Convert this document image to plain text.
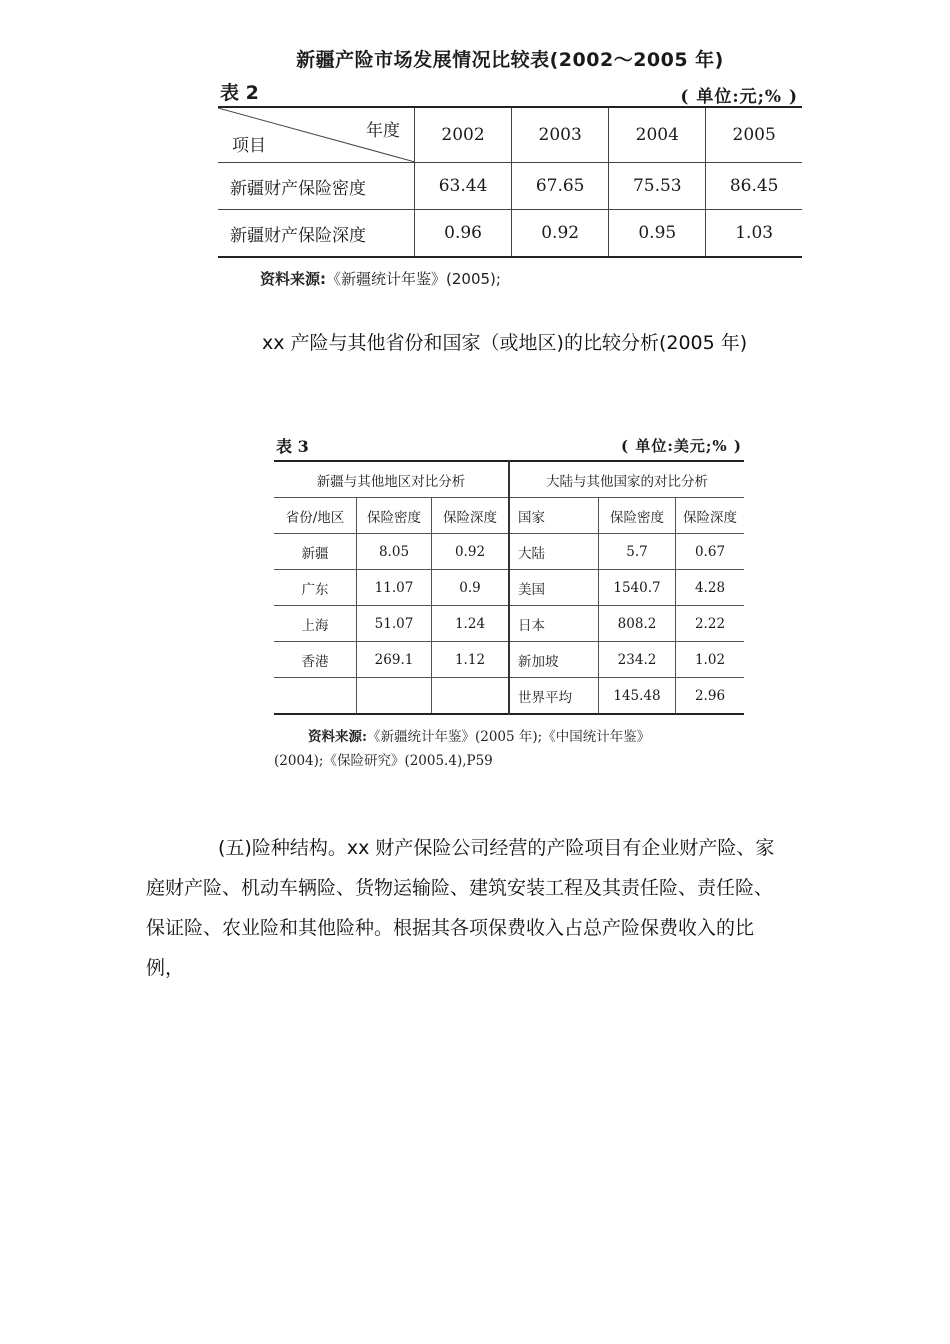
新疆产险市场发展情况比较表(2002～2005 年)
表 2	( 单位:元;% )
年度
项目	2002	2003	2004	2005
新疆财产保险密度	63.44	67.65	75.53	86.45
新疆财产保险深度	0.96	0.92	0.95	1.03
资料来源:《新疆统计年鉴》(2005);
xx 产险与其他省份和国家（或地区)的比较分析(2005 年)
表 3	( 单位:美元;% )
新疆与其他地区对比分析			大陆与其他国家的对比分析		
省份/地区	保险密度	保险深度	国家	保险密度	保险深度
新疆	8.05	0.92	大陆	5.7	0.67
广东	11.07	0.9	美国	1540.7	4.28
上海	51.07	1.24	日本	808.2	2.22
香港	269.1	1.12	新加坡	234.2	1.02
			世界平均	145.48	2.96
资料来源:《新疆统计年鉴》(2005 年);《中国统计年鉴》
(2004);《保险研究》(2005.4),P59
(五)险种结构。xx 财产保险公司经营的产险项目有企业财产险、家
庭财产险、机动车辆险、货物运输险、建筑安装工程及其责任险、责任险、
保证险、农业险和其他险种。根据其各项保费收入占总产险保费收入的比
例，
